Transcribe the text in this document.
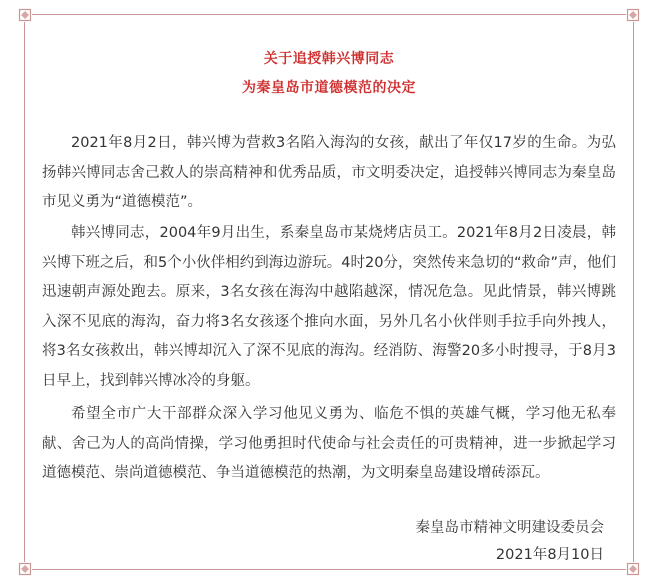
关于追授韩兴博同志
为秦皇岛市道德模范的决定

2021年8月2日，韩兴博为营救3名陷入海沟的女孩，献出了年仅17岁的生命。为弘扬韩兴博同志舍己救人的崇高精神和优秀品质，市文明委决定，追授韩兴博同志为秦皇岛市见义勇为“道德模范”。

韩兴博同志，2004年9月出生，系秦皇岛市某烧烤店员工。2021年8月2日凌晨，韩兴博下班之后，和5个小伙伴相约到海边游玩。4时20分，突然传来急切的“救命”声，他们迅速朝声源处跑去。原来，3名女孩在海沟中越陷越深，情况危急。见此情景，韩兴博跳入深不见底的海沟，奋力将3名女孩逐个推向水面，另外几名小伙伴则手拉手向外拽人，将3名女孩救出，韩兴博却沉入了深不见底的海沟。经消防、海警20多小时搜寻，于8月3日早上，找到韩兴博冰冷的身躯。

希望全市广大干部群众深入学习他见义勇为、临危不惧的英雄气概，学习他无私奉献、舍己为人的高尚情操，学习他勇担时代使命与社会责任的可贵精神，进一步掀起学习道德模范、崇尚道德模范、争当道德模范的热潮，为文明秦皇岛建设增砖添瓦。

秦皇岛市精神文明建设委员会
2021年8月10日
